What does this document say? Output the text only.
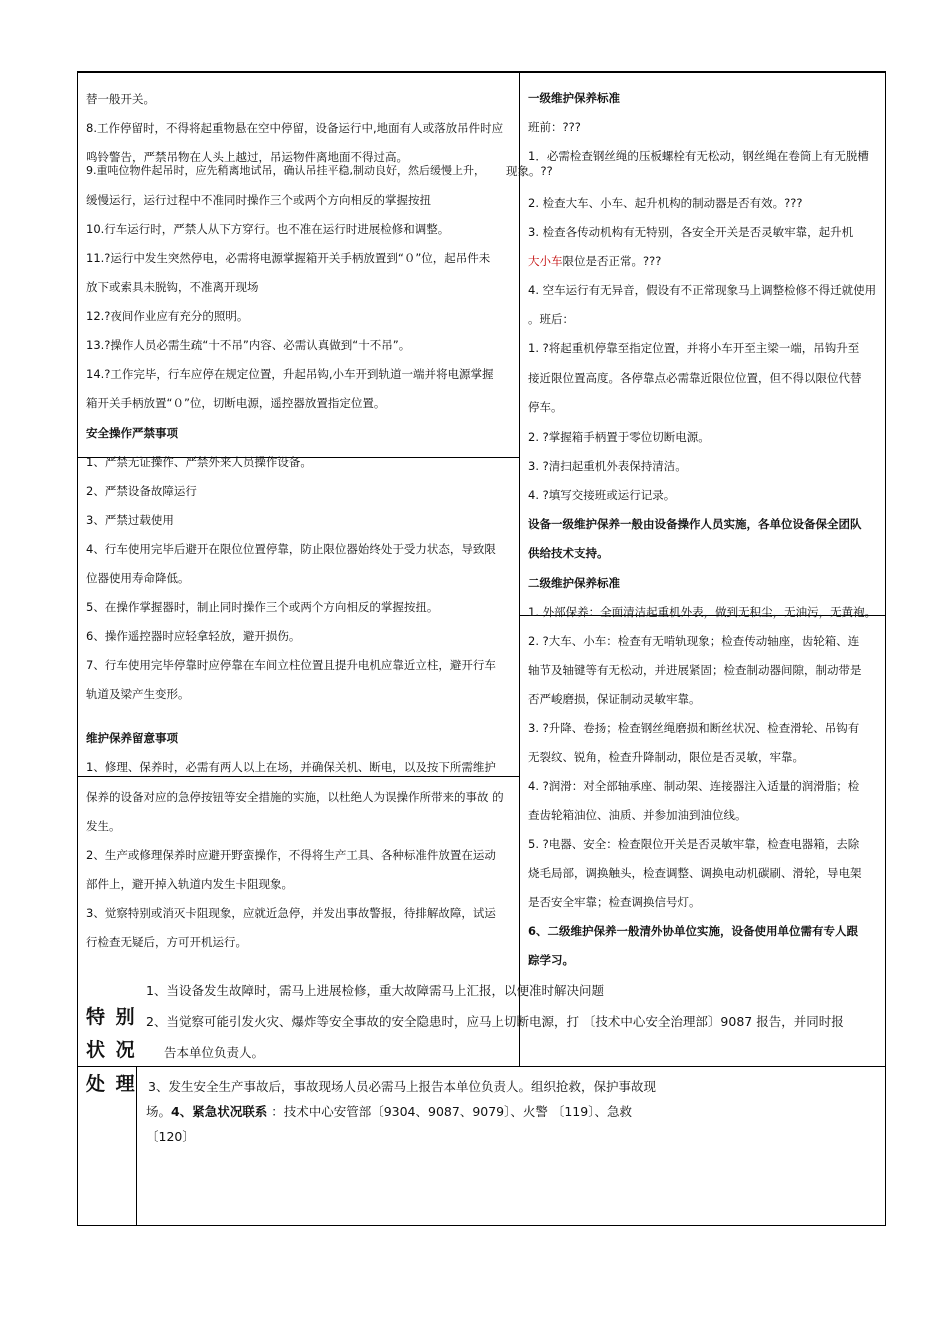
替一般开关。
8.工作停留时，不得将起重物悬在空中停留，设备运行中,地面有人或落放吊件时应
鸣铃警告，严禁吊物在人头上越过，吊运物件离地面不得过高。
9.重吨位物件起吊时，应先稍离地试吊，确认吊挂平稳,制动良好，然后缓慢上升，
缓慢运行，运行过程中不准同时操作三个或两个方向相反的掌握按扭
10.行车运行时，严禁人从下方穿行。也不准在运行时进展检修和调整。
11.?运行中发生突然停电，必需将电源掌握箱开关手柄放置到“０”位，起吊件未
放下或索具未脱钩，不准离开现场
12.?夜间作业应有充分的照明。
13.?操作人员必需生疏“十不吊”内容、必需认真做到“十不吊”。
14.?工作完毕，行车应停在规定位置，升起吊钩,小车开到轨道一端并将电源掌握
箱开关手柄放置“０”位，切断电源，遥控器放置指定位置。
安全操作严禁事项
1、严禁无证操作、严禁外来人员操作设备。
2、严禁设备故障运行
3、严禁过载使用
4、行车使用完毕后避开在限位位置停靠，防止限位器始终处于受力状态，导致限
位器使用寿命降低。
5、在操作掌握器时，制止同时操作三个或两个方向相反的掌握按扭。
6、操作遥控器时应轻拿轻放，避开损伤。
7、行车使用完毕停靠时应停靠在车间立柱位置且提升电机应靠近立柱，避开行车
轨道及梁产生变形。
维护保养留意事项
1、修理、保养时，必需有两人以上在场，并确保关机、断电，以及按下所需维护
保养的设备对应的急停按钮等安全措施的实施，以杜绝人为误操作所带来的事故 的
发生。
2、生产或修理保养时应避开野蛮操作，不得将生产工具、各种标准件放置在运动
部件上，避开掉入轨道内发生卡阻现象。
3、觉察特别或消灭卡阻现象，应就近急停，并发出事故警报，待排解故障，试运
行检查无疑后，方可开机运行。
一级维护保养标准
班前：???
1．必需检查钢丝绳的压板螺栓有无松动，钢丝绳在卷筒上有无脱槽
现象。??
2. 检查大车、小车、起升机构的制动器是否有效。???
3. 检查各传动机构有无特别，各安全开关是否灵敏牢靠，起升机
大小车限位是否正常。???
4. 空车运行有无异音，假设有不正常现象马上调整检修不得迁就使用
。班后：
1. ?将起重机停靠至指定位置，并将小车开至主梁一端，吊钩升至
接近限位置高度。各停靠点必需靠近限位位置，但不得以限位代替
停车。
2. ?掌握箱手柄置于零位切断电源。
3. ?清扫起重机外表保持清洁。
4. ?填写交接班或运行记录。
设备一级维护保养一般由设备操作人员实施，各单位设备保全团队
供给技术支持。
二级维护保养标准
1. 外部保养：全面清洁起重机外表，做到无积尘，无油污，无黄袍。
2. ?大车、小车：检查有无啃轨现象；检查传动轴座，齿轮箱、连
轴节及轴键等有无松动，并进展紧固；检查制动器间隙，制动带是
否严峻磨损，保证制动灵敏牢靠。
3. ?升降、卷扬；检查钢丝绳磨损和断丝状况、检查滑轮、吊钩有
无裂纹、锐角，检查升降制动，限位是否灵敏，牢靠。
4. ?润滑：对全部轴承座、制动架、连接器注入适量的润滑脂；检
查齿轮箱油位、油质、并参加油到油位线。
5. ?电器、安全：检查限位开关是否灵敏牢靠，检查电器箱，去除
烧毛局部，调换触头，检查调整、调换电动机碳刷、滑轮，导电架
是否安全牢靠；检查调换信号灯。
6、二级维护保养一般清外协单位实施，设备使用单位需有专人跟
踪学习。
特 别
状 况
处 理
1、当设备发生故障时，需马上进展检修，重大故障需马上汇报，以便准时解决问题
2、当觉察可能引发火灾、爆炸等安全事故的安全隐患时，应马上切断电源，打 〔技术中心安全治理部〕9087 报告，并同时报
告本单位负责人。
3、发生安全生产事故后，事故现场人员必需马上报告本单位负责人。组织抢救，保护事故现
场。4、紧急状况联系 ：技术中心安管部〔9304、9087、9079〕、火警 〔119〕、急救
〔120〕
